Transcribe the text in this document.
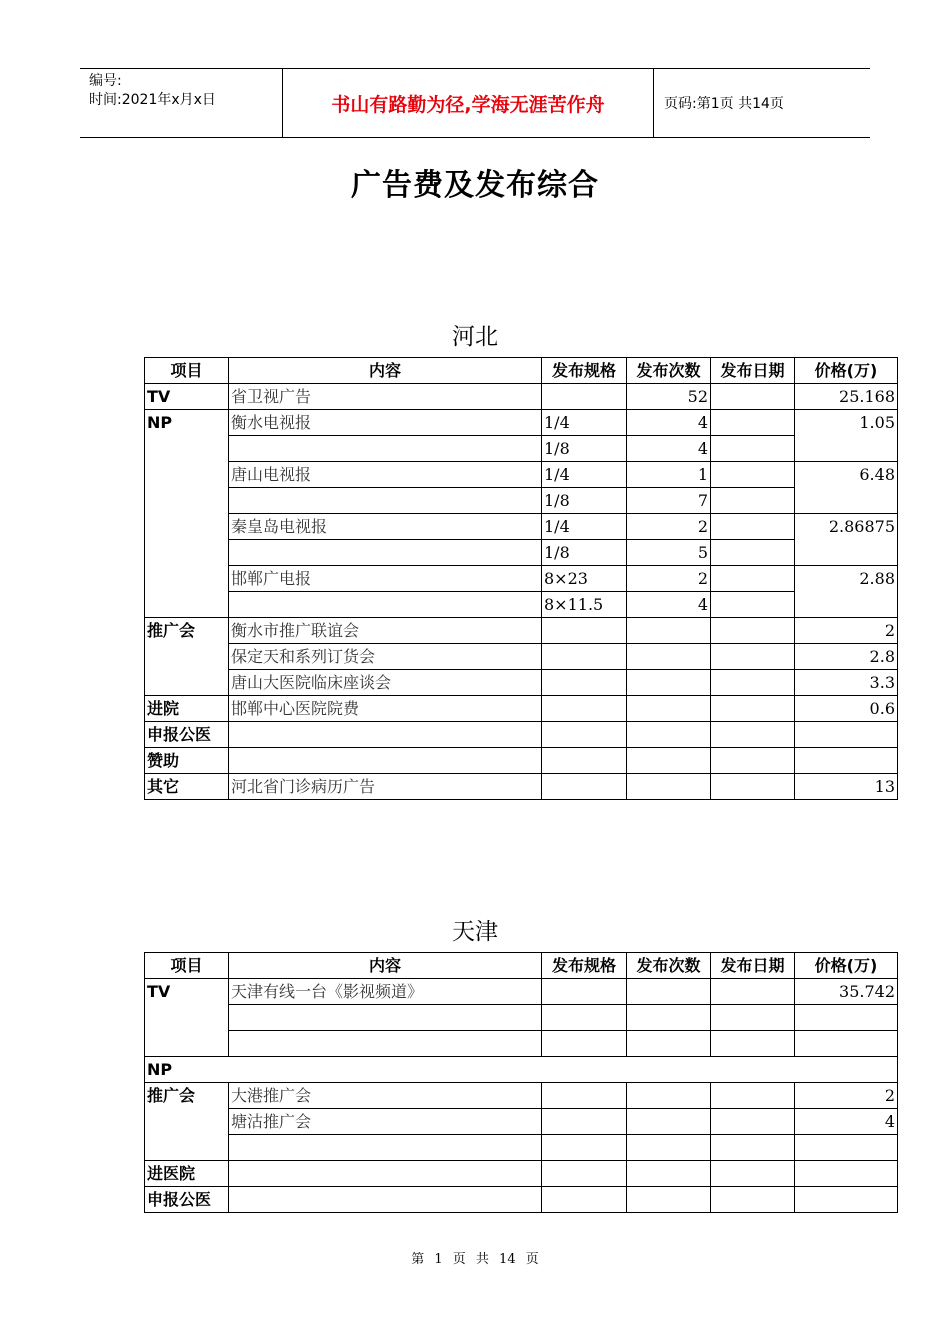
编号:
时间:2021年x月x日	书山有路勤为径,学海无涯苦作舟	页码:第1页 共14页
广告费及发布综合
河北
项目	内容	发布规格	发布次数	发布日期	价格(万)
TV	省卫视广告		52		25.168
NP	衡水电视报	1/4	4		1.05
		1/8	4		
	唐山电视报	1/4	1		6.48
		1/8	7		
	秦皇岛电视报	1/4	2		2.86875
		1/8	5		
	邯郸广电报	8×23	2		2.88
		8×11.5	4		
推广会	衡水市推广联谊会				2
	保定天和系列订货会				2.8
	唐山大医院临床座谈会				3.3
进院	邯郸中心医院院费				0.6
申报公医					
赞助					
其它	河北省门诊病历广告				13
天津
项目	内容	发布规格	发布次数	发布日期	价格(万)
TV	天津有线一台《影视频道》				35.742

NP					
推广会	大港推广会				2
	塘沽推广会				4

进医院					
申报公医					
第 1 页 共 14 页
